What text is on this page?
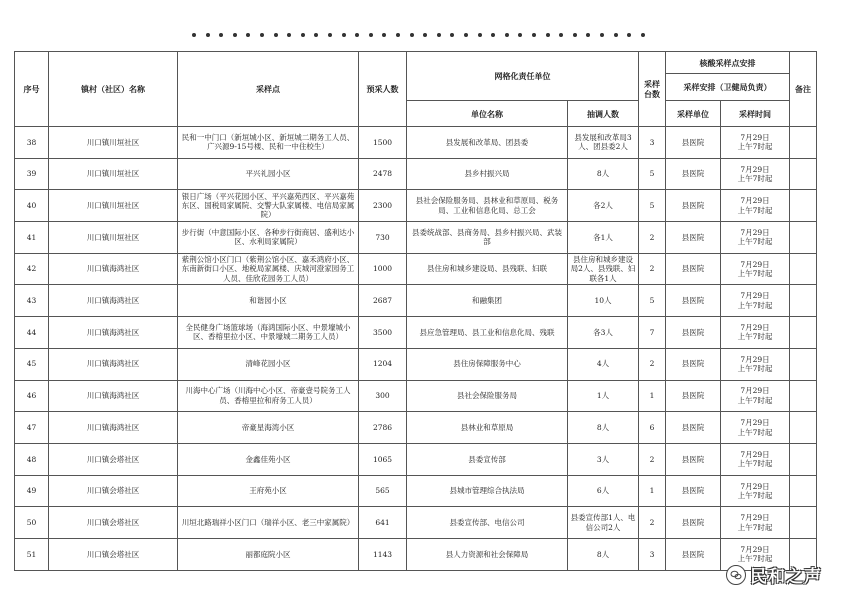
序号	镇村（社区）名称	采样点	预采人数	网格化责任单位		采样台数	核酸采样点安排		备注
							采样安排（卫健局负责）		
				单位名称	抽调人数		采样单位	采样时间	
38	川口镇川垣社区	民和一中门口（新垣城小区、新垣城二期务工人员、广兴源9-15号楼、民和一中住校生）	1500	县发展和改革局、团县委	县发展和改革局3人、团县委2人	3	县医院	7月29日
上午7时起	

39	川口镇川垣社区	平兴礼园小区	2478	县乡村振兴局	8人	5	县医院	7月29日
上午7时起	

40	川口镇川垣社区	银日广场（平兴花园小区、平兴嘉苑西区、平兴嘉苑东区、国税局家属院、交警大队家属楼、电信局家属院）	2300	县社会保险服务局、县林业和草原局、税务局、工业和信息化局、总工会	各2人	5	县医院	7月29日
上午7时起	

41	川口镇川垣社区	步行街（中意国际小区、各种步行街商居、盛利达小区、水利局家属院）	730	县委统战部、县商务局、县乡村振兴局、武装部	各1人	2	县医院	7月29日
上午7时起	

42	川口镇海鸿社区	紫荆公馆小区门口（紫荆公馆小区、嘉禾鸿府小区、东南新街口小区、地税局家属楼、庆城河澄家园务工人员、佳欣花园务工人员）	1000	县住房和城乡建设局、县残联、妇联	县住房和城乡建设局2人、县残联、妇联各1人	2	县医院	7月29日
上午7时起	

43	川口镇海鸿社区	和谐园小区	2687	和融集团	10人	5	县医院	7月29日
上午7时起	

44	川口镇海鸿社区	全民健身广场篮球场（海鸿国际小区、中景壕城小区、香榕里拉小区、中景壕城二期务工人员）	3500	县应急管理局、县工业和信息化局、残联	各3人	7	县医院	7月29日
上午7时起	

45	川口镇海鸿社区	清峰花园小区	1204	县住房保障服务中心	4人	2	县医院	7月29日
上午7时起	

46	川口镇海鸿社区	川海中心广场（川海中心小区、帝豪壹号院务工人员、香榕里拉和府务工人员）	300	县社会保险服务局	1人	1	县医院	7月29日
上午7时起	

47	川口镇海鸿社区	帝豪星海湾小区	2786	县林业和草原局	8人	6	县医院	7月29日
上午7时起	

48	川口镇会塔社区	金鑫佳苑小区	1065	县委宣传部	3人	2	县医院	7月29日
上午7时起	

49	川口镇会塔社区	王府苑小区	565	县城市管理综合执法局	6人	1	县医院	7月29日
上午7时起	

50	川口镇会塔社区	川垣北路瑞祥小区门口（瑞祥小区、老三中家属院）	641	县委宣传部、电信公司	县委宣传部1人、电信公司2人	2	县医院	7月29日
上午7时起	

51	川口镇会塔社区	丽都庭院小区	1143	县人力资源和社会保障局	8人	3	县医院	7月29日
上午7时起	

民和之声
